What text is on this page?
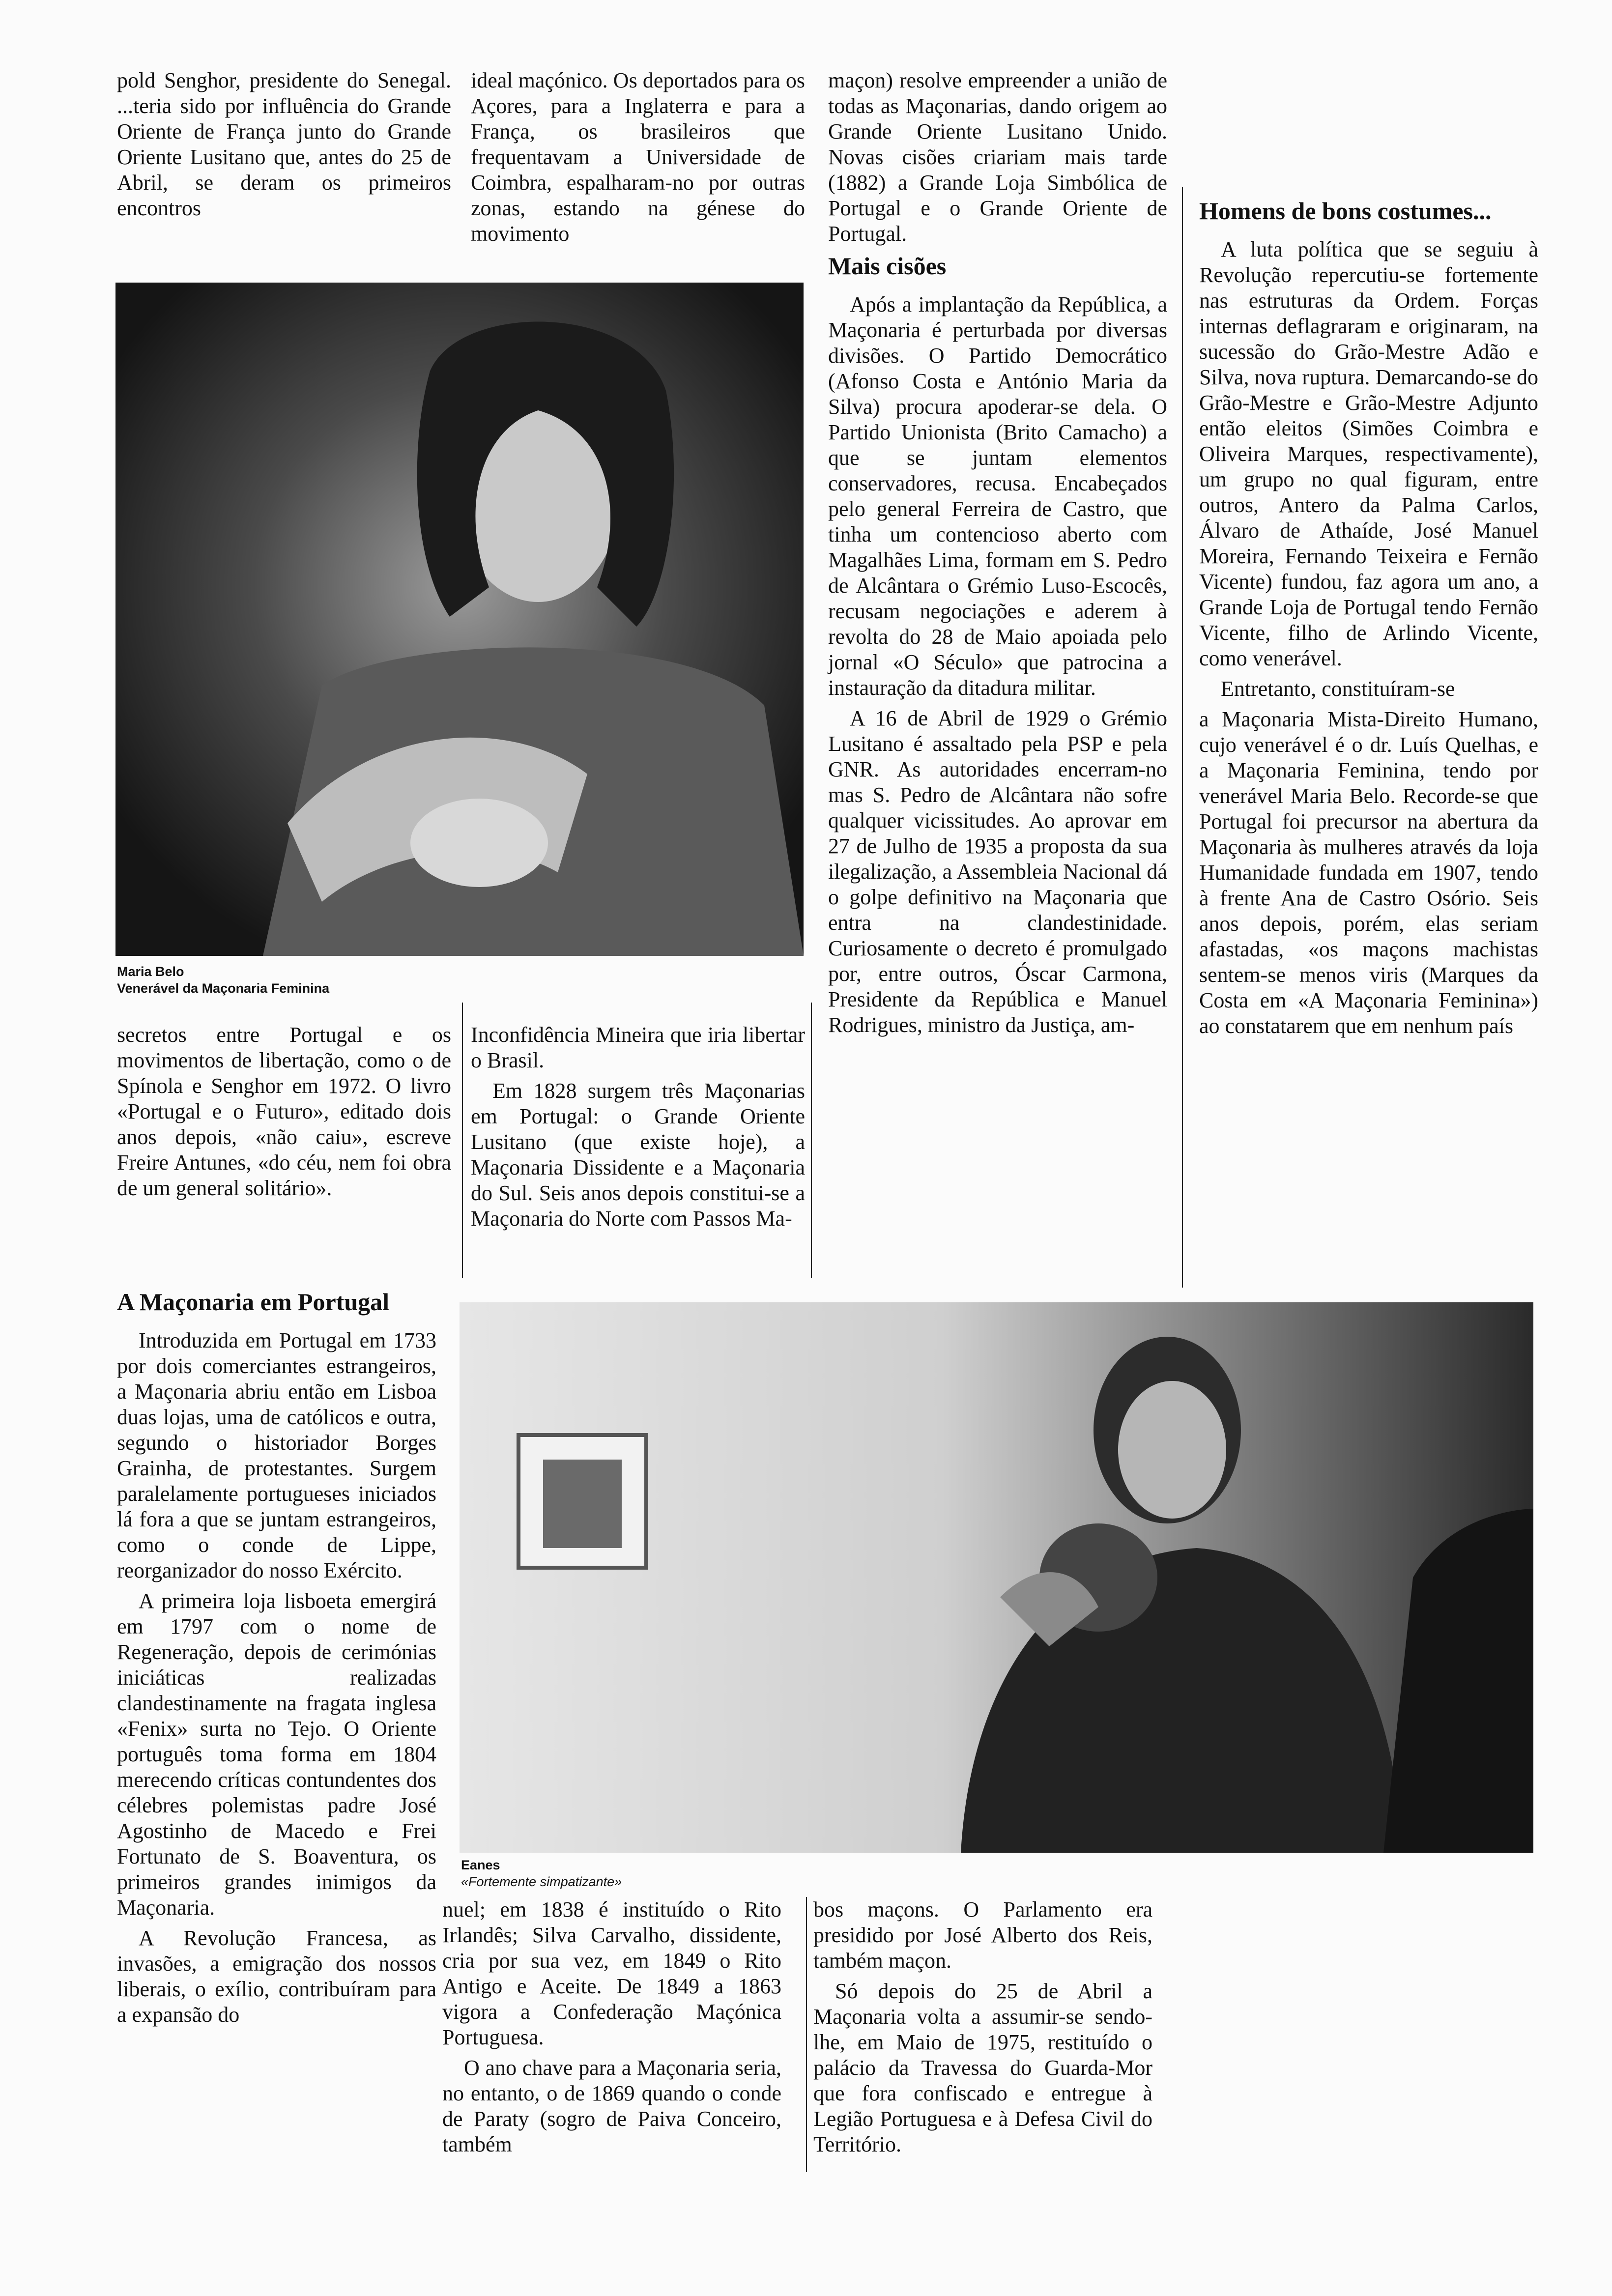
pold Senghor, presidente do Senegal. ...teria sido por influência do Grande Oriente de França junto do Grande Oriente Lusitano que, antes do 25 de Abril, se deram os primeiros encontros

ideal maçónico. Os deportados para os Açores, para a Inglaterra e para a França, os brasileiros que frequentavam a Universidade de Coimbra, espalharam-no por outras zonas, estando na génese do movimento

maçon) resolve empreender a união de todas as Maçonarias, dando origem ao Grande Oriente Lusitano Unido. Novas cisões criariam mais tarde (1882) a Grande Loja Simbólica de Portugal e o Grande Oriente de Portugal.

Mais cisões

Após a implantação da República, a Maçonaria é perturbada por diversas divisões. O Partido Democrático (Afonso Costa e António Maria da Silva) procura apoderar-se dela. O Partido Unionista (Brito Camacho) a que se juntam elementos conservadores, recusa. Encabeçados pelo general Ferreira de Castro, que tinha um contencioso aberto com Magalhães Lima, formam em S. Pedro de Alcântara o Grémio Luso-Escocês, recusam negociações e aderem à revolta do 28 de Maio apoiada pelo jornal «O Século» que patrocina a instauração da ditadura militar.

A 16 de Abril de 1929 o Grémio Lusitano é assaltado pela PSP e pela GNR. As autoridades encerram-no mas S. Pedro de Alcântara não sofre qualquer vicissitudes. Ao aprovar em 27 de Julho de 1935 a proposta da sua ilegalização, a Assembleia Nacional dá o golpe definitivo na Maçonaria que entra na clandestinidade. Curiosamente o decreto é promulgado por, entre outros, Óscar Carmona, Presidente da República e Manuel Rodrigues, ministro da Justiça, am-

Homens de bons costumes...

A luta política que se seguiu à Revolução repercutiu-se fortemente nas estruturas da Ordem. Forças internas deflagraram e originaram, na sucessão do Grão-Mestre Adão e Silva, nova ruptura. Demarcando-se do Grão-Mestre e Grão-Mestre Adjunto então eleitos (Simões Coimbra e Oliveira Marques, respectivamente), um grupo no qual figuram, entre outros, Antero da Palma Carlos, Álvaro de Athaíde, José Manuel Moreira, Fernando Teixeira e Fernão Vicente) fundou, faz agora um ano, a Grande Loja de Portugal tendo Fernão Vicente, filho de Arlindo Vicente, como venerável.

Entretanto, constituíram-se

a Maçonaria Mista-Direito Humano, cujo venerável é o dr. Luís Quelhas, e a Maçonaria Feminina, tendo por venerável Maria Belo. Recorde-se que Portugal foi precursor na abertura da Maçonaria às mulheres através da loja Humanidade fundada em 1907, tendo à frente Ana de Castro Osório. Seis anos depois, porém, elas seriam afastadas, «os maçons machistas sentem-se menos viris (Marques da Costa em «A Maçonaria Feminina») ao constatarem que em nenhum país

Maria Belo
Venerável da Maçonaria Feminina

secretos entre Portugal e os movimentos de libertação, como o de Spínola e Senghor em 1972. O livro «Portugal e o Futuro», editado dois anos depois, «não caiu», escreve Freire Antunes, «do céu, nem foi obra de um general solitário».

Inconfidência Mineira que iria libertar o Brasil.

Em 1828 surgem três Maçonarias em Portugal: o Grande Oriente Lusitano (que existe hoje), a Maçonaria Dissidente e a Maçonaria do Sul. Seis anos depois constitui-se a Maçonaria do Norte com Passos Ma-

A Maçonaria em Portugal

Introduzida em Portugal em 1733 por dois comerciantes estrangeiros, a Maçonaria abriu então em Lisboa duas lojas, uma de católicos e outra, segundo o historiador Borges Grainha, de protestantes. Surgem paralelamente portugueses iniciados lá fora a que se juntam estrangeiros, como o conde de Lippe, reorganizador do nosso Exército.

A primeira loja lisboeta emergirá em 1797 com o nome de Regeneração, depois de cerimónias iniciáticas realizadas clandestinamente na fragata inglesa «Fenix» surta no Tejo. O Oriente português toma forma em 1804 merecendo críticas contundentes dos célebres polemistas padre José Agostinho de Macedo e Frei Fortunato de S. Boaventura, os primeiros grandes inimigos da Maçonaria.

A Revolução Francesa, as invasões, a emigração dos nossos liberais, o exílio, contribuíram para a expansão do

Eanes
«Fortemente simpatizante»

nuel; em 1838 é instituído o Rito Irlandês; Silva Carvalho, dissidente, cria por sua vez, em 1849 o Rito Antigo e Aceite. De 1849 a 1863 vigora a Confederação Maçónica Portuguesa.

O ano chave para a Maçonaria seria, no entanto, o de 1869 quando o conde de Paraty (sogro de Paiva Conceiro, também

bos maçons. O Parlamento era presidido por José Alberto dos Reis, também maçon.

Só depois do 25 de Abril a Maçonaria volta a assumir-se sendo-lhe, em Maio de 1975, restituído o palácio da Travessa do Guarda-Mor que fora confiscado e entregue à Legião Portuguesa e à Defesa Civil do Território.
